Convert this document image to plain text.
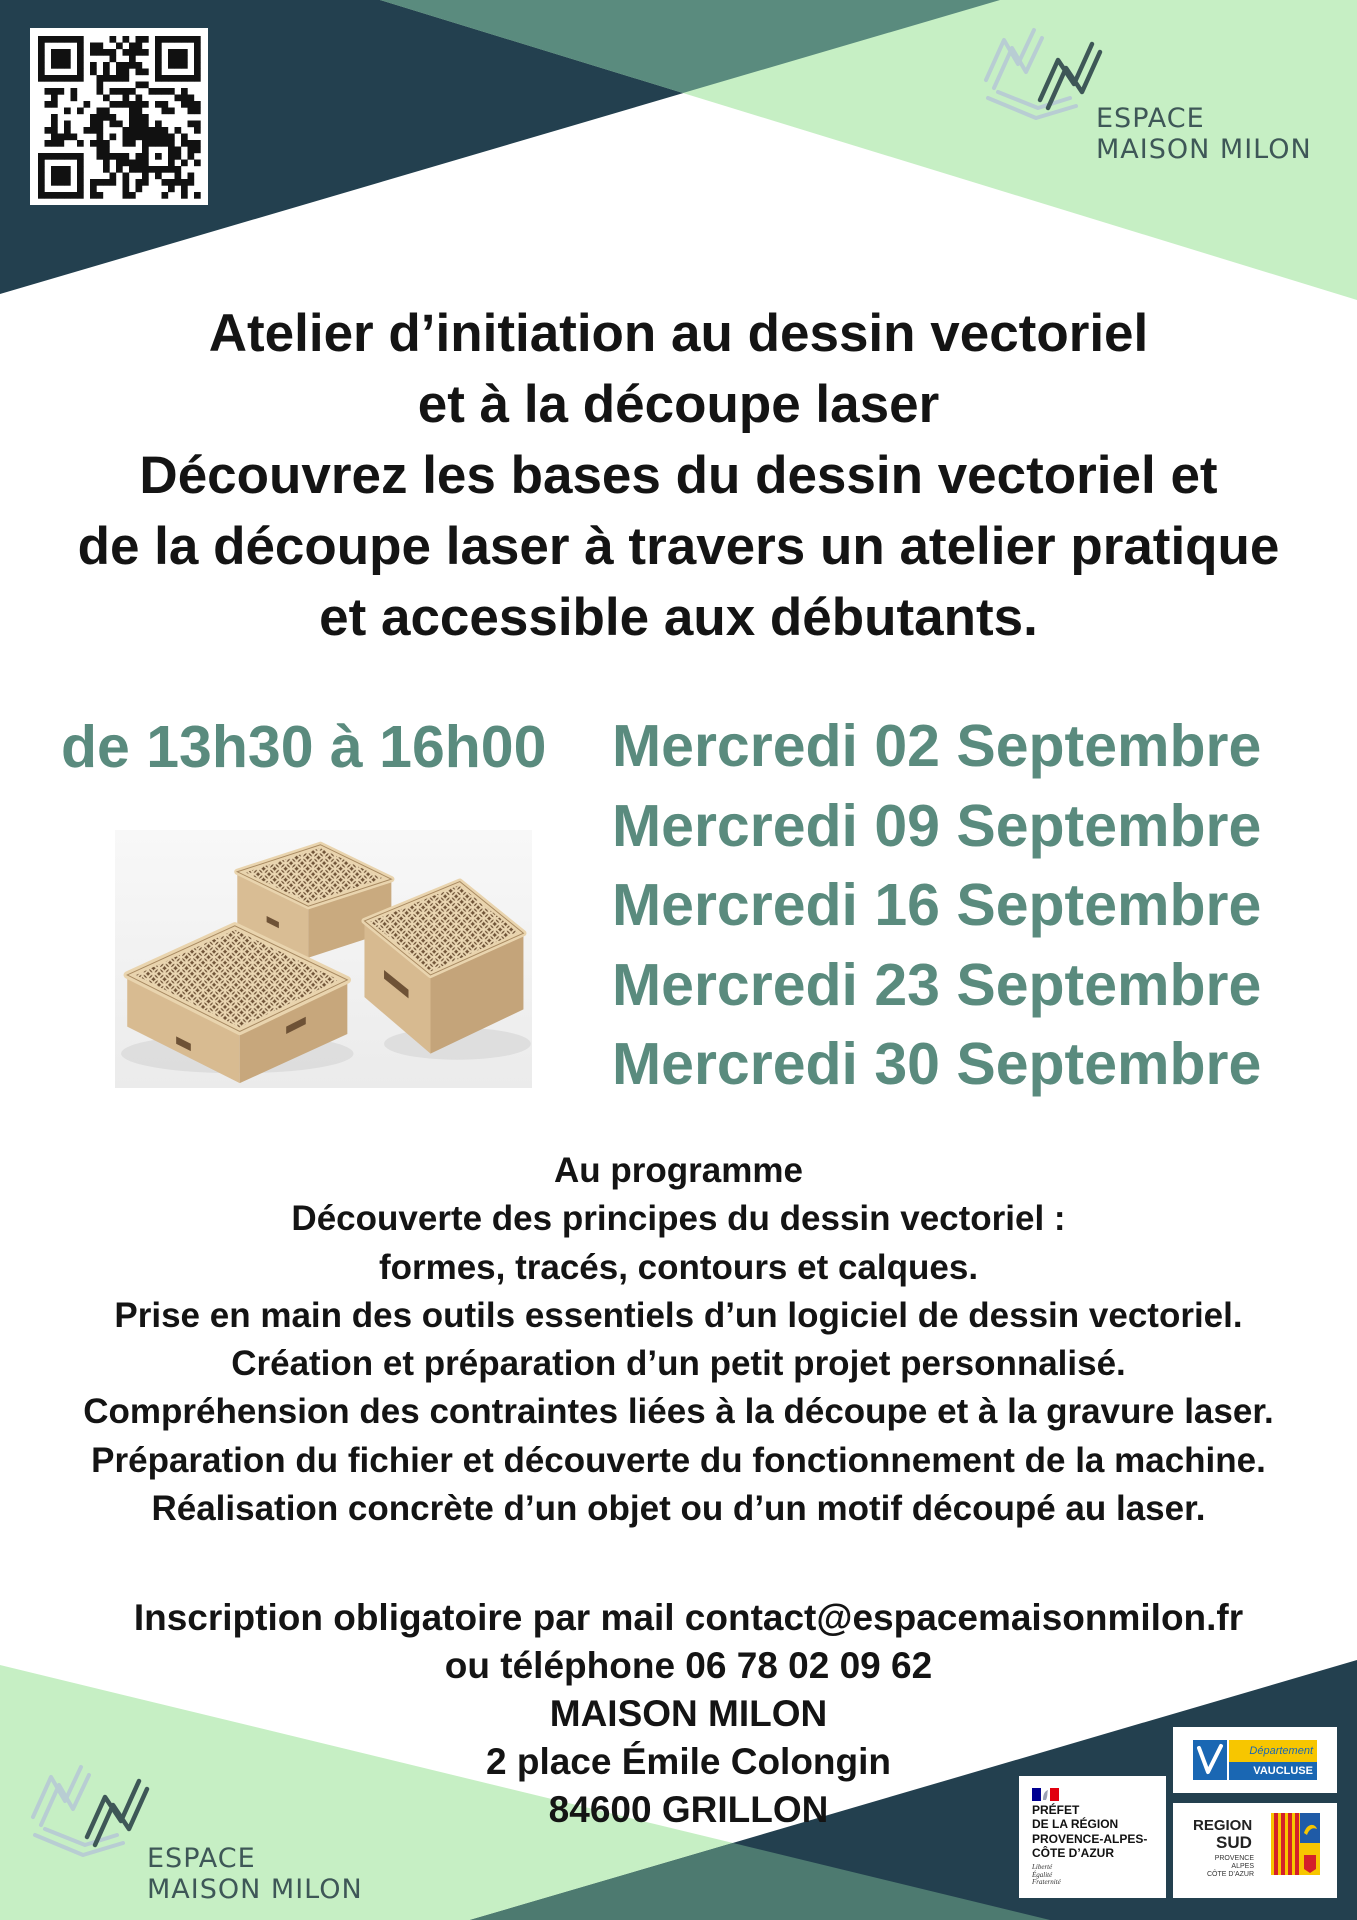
ESPACE
MAISON MILON
Atelier d’initiation au dessin vectoriel
et à la découpe laser
Découvrez les bases du dessin vectoriel et
de la découpe laser à travers un atelier pratique
et accessible aux débutants.
de 13h30 à 16h00 Mercredi 02 Septembre
Mercredi 09 Septembre
Mercredi 16 Septembre
Mercredi 23 Septembre
Mercredi 30 Septembre
Au programme
Découverte des principes du dessin vectoriel :
formes, tracés, contours et calques.
Prise en main des outils essentiels d’un logiciel de dessin vectoriel.
Création et préparation d’un petit projet personnalisé.
Compréhension des contraintes liées à la découpe et à la gravure laser.
Préparation du fichier et découverte du fonctionnement de la machine.
Réalisation concrète d’un objet ou d’un motif découpé au laser.
Inscription obligatoire par mail contact@espacemaisonmilon.fr
ou téléphone 06 78 02 09 62
MAISON MILON
2 place Émile Colongin
84600 GRILLON
ESPACE
MAISON MILON
Département
VAUCLUSE
REGION
SUD
PROVENCE
ALPES
CÔTE D’AZUR
PRÉFET
DE LA RÉGION
PROVENCE-ALPES-
CÔTE D’AZUR
Liberté
Égalité
Fraternité
